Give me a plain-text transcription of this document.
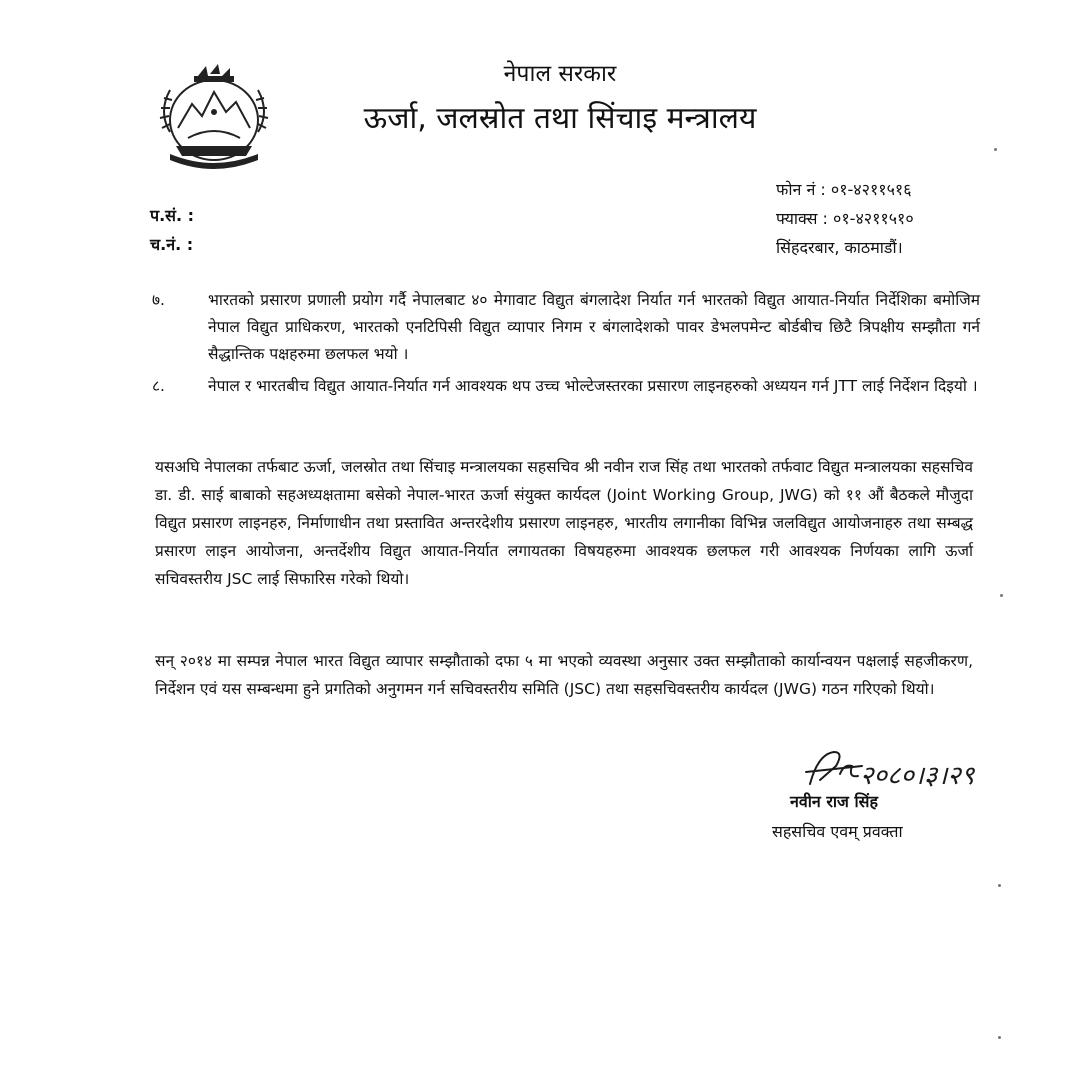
नेपाल सरकार
ऊर्जा, जलस्रोत तथा सिंचाइ मन्त्रालय
प.सं. :
च.नं. :
फोन नं : ०१-४२११५१६
फ्याक्स : ०१-४२११५१०
सिंहदरबार, काठमाडौं।
७.	भारतको प्रसारण प्रणाली प्रयोग गर्दै नेपालबाट ४० मेगावाट विद्युत बंगलादेश निर्यात गर्न भारतको विद्युत आयात-निर्यात निर्देशिका बमोजिम नेपाल विद्युत प्राधिकरण, भारतको एनटिपिसी विद्युत व्यापार निगम र बंगलादेशको पावर डेभलपमेन्ट बोर्डबीच छिटै त्रिपक्षीय सम्झौता गर्न सैद्धान्तिक पक्षहरुमा छलफल भयो ।
८.	नेपाल र भारतबीच विद्युत आयात-निर्यात गर्न आवश्यक थप उच्च भोल्टेजस्तरका प्रसारण लाइनहरुको अध्ययन गर्न JTT लाई निर्देशन दिइयो ।
यसअघि नेपालका तर्फबाट ऊर्जा, जलस्रोत तथा सिंचाइ मन्त्रालयका सहसचिव श्री नवीन राज सिंह तथा भारतको तर्फवाट विद्युत मन्त्रालयका सहसचिव डा. डी. साई बाबाको सहअध्यक्षतामा बसेको नेपाल-भारत ऊर्जा संयुक्त कार्यदल (Joint Working Group, JWG) को ११ औं बैठकले मौजुदा विद्युत प्रसारण लाइनहरु, निर्माणाधीन तथा प्रस्तावित अन्तरदेशीय प्रसारण लाइनहरु, भारतीय लगानीका विभिन्न जलविद्युत आयोजनाहरु तथा सम्बद्ध प्रसारण लाइन आयोजना, अन्तर्देशीय विद्युत आयात-निर्यात लगायतका विषयहरुमा आवश्यक छलफल गरी आवश्यक निर्णयका लागि ऊर्जा सचिवस्तरीय JSC लाई सिफारिस गरेको थियो।
सन् २०१४ मा सम्पन्न नेपाल भारत विद्युत व्यापार सम्झौताको दफा ५ मा भएको व्यवस्था अनुसार उक्त सम्झौताको कार्यान्वयन पक्षलाई सहजीकरण, निर्देशन एवं यस सम्बन्धमा हुने प्रगतिको अनुगमन गर्न सचिवस्तरीय समिति (JSC) तथा सहसचिवस्तरीय कार्यदल (JWG) गठन गरिएको थियो।
२०८०।३।२९
नवीन राज सिंह
सहसचिव एवम् प्रवक्ता
